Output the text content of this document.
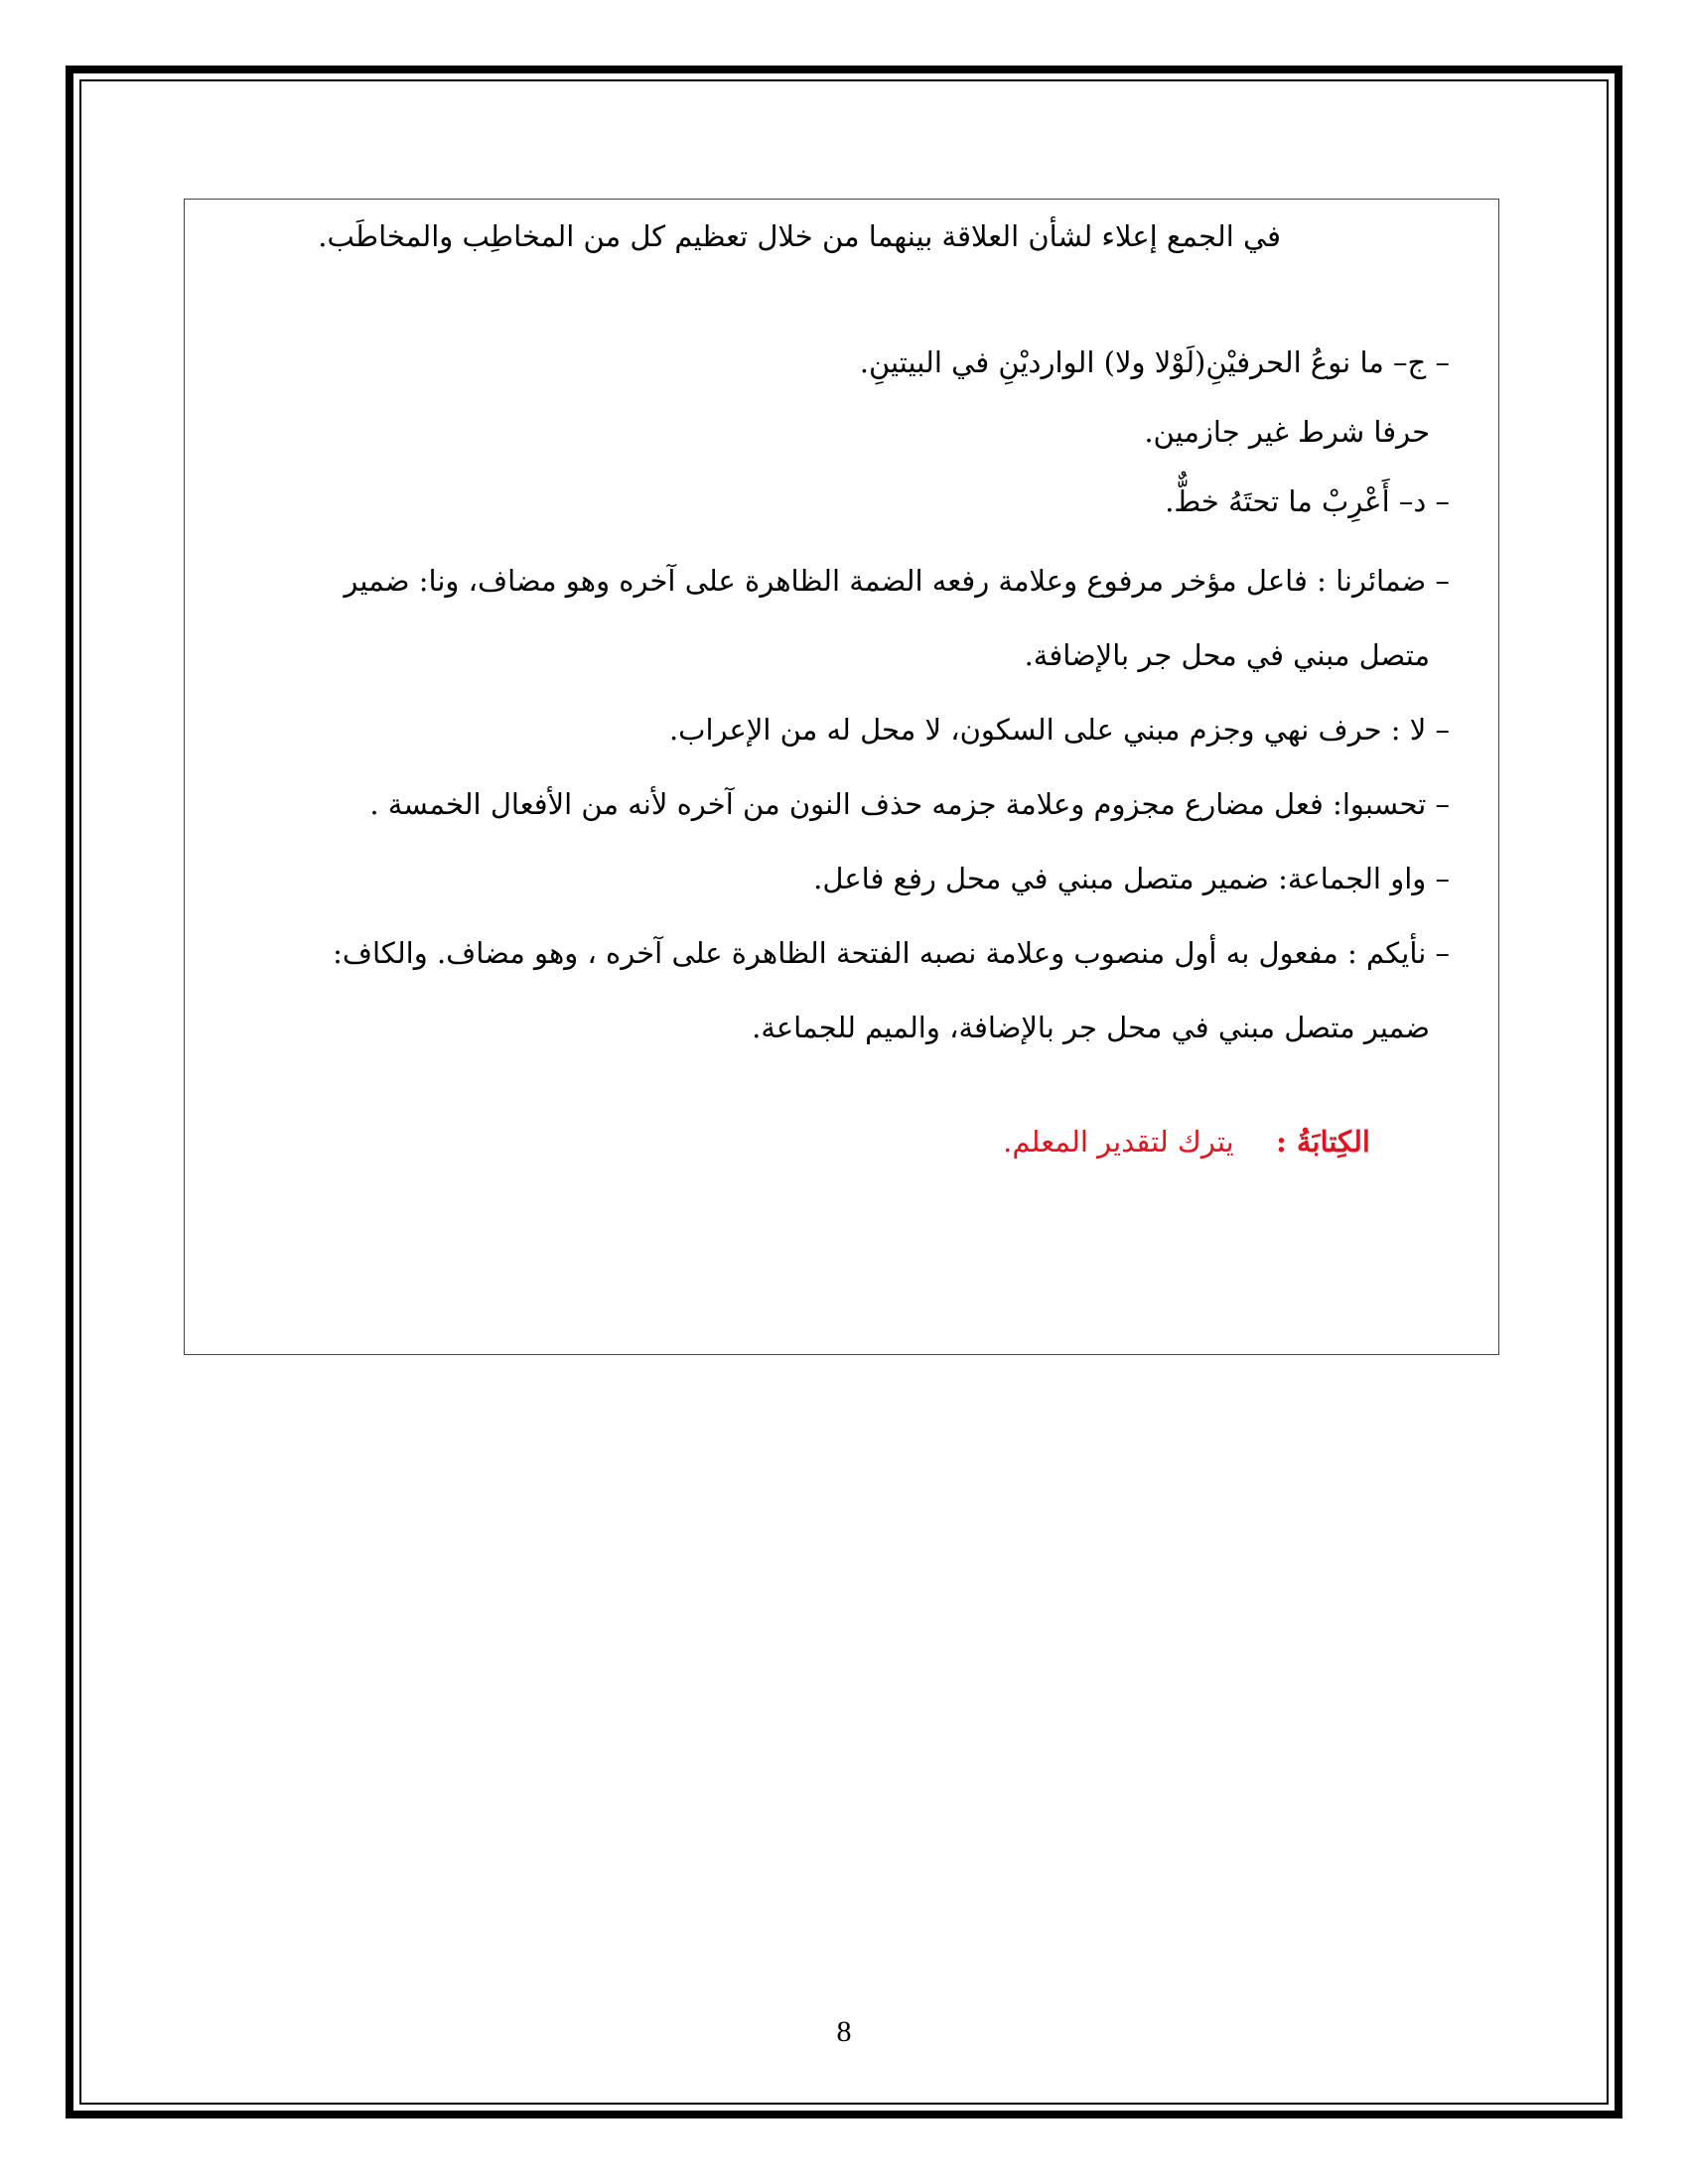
في الجمع إعلاء لشأن العلاقة بينهما من خلال تعظيم كل من المخاطِب والمخاطَب.
– ج– ما نوعُ الحرفيْنِ(لَوْلا ولا) الوارديْنِ في البيتينِ.
حرفا شرط غير جازمين.
– د– أَعْرِبْ ما تحتَهُ خطٌّ.
– ضمائرنا : فاعل مؤخر مرفوع وعلامة رفعه الضمة الظاهرة على آخره وهو مضاف، ونا: ضمير
متصل مبني في محل جر بالإضافة.
– لا : حرف نهي وجزم مبني على السكون، لا محل له من الإعراب.
– تحسبوا: فعل مضارع مجزوم وعلامة جزمه حذف النون من آخره لأنه من الأفعال الخمسة .
– واو الجماعة: ضمير متصل مبني في محل رفع فاعل.
– نأيكم : مفعول به أول منصوب وعلامة نصبه الفتحة الظاهرة على آخره ، وهو مضاف. والكاف:
ضمير متصل مبني في محل جر بالإضافة، والميم للجماعة.
الكِتابَةُ :  يترك لتقدير المعلم.
8
